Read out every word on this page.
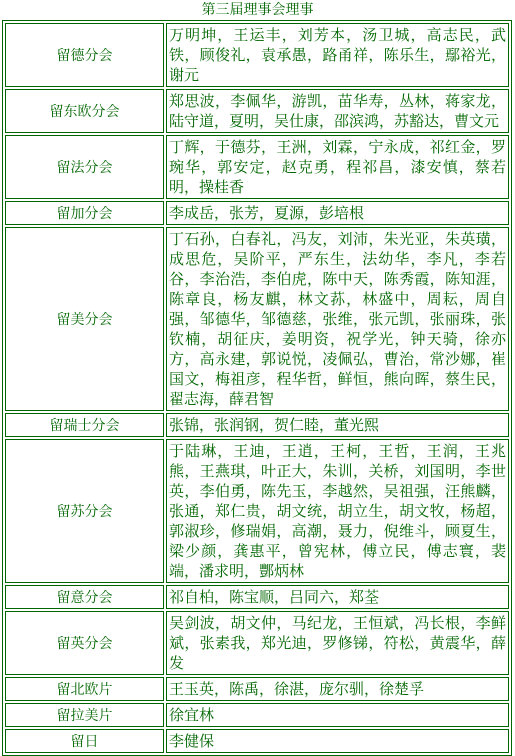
第三届理事会理事
留德分会	万明坤，王运丰，刘芳本，汤卫城，高志民，武铁，顾俊礼，袁承愚，路甬祥，陈乐生，鄢裕光，谢元
留东欧分会	郑思波，李佩华，游凯，苗华寿，丛林，蒋家龙，陆守道，夏明，吴仕康，邵滨鸿，苏豁达，曹文元
留法分会	丁辉，于德芬，王洲，刘霖，宁永成，祁红金，罗琬华，郭安定，赵克勇，程祁昌，漆安慎，蔡若明，操桂香
留加分会	李成岳，张芳，夏源，彭培根
留美分会	丁石孙，白春礼，冯友，刘沛，朱光亚，朱英璜，成思危，吴阶平，严东生，法幼华，李凡，李若谷，李治浩，李伯虎，陈中天，陈秀霞，陈知涯，陈章良，杨友麒，林文荪，林盛中，周耘，周自强，邹德华，邹德慈，张维，张元凯，张丽珠，张钦楠，胡征庆，姜明资，祝学光，钟天骑，徐亦方，高永建，郭说悦，凌佩弘，曹治，常沙娜，崔国文，梅祖彦，程华哲，鲜恒，熊向晖，蔡生民，翟志海，薛君智
留瑞士分会	张锦，张润钢，贺仁睦，董光熙
留苏分会	于陆琳，王迪，王逍，王柯，王哲，王润，王兆熊，王燕琪，叶正大，朱训，关桥，刘国明，李世英，李伯勇，陈先玉，李越然，吴祖强，汪熊麟，张通，郑仁贵，胡文统，胡立生，胡文牧，杨超，郭淑珍，修瑞娟，高潮，聂力，倪维斗，顾夏生，梁少颜，龚惠平，曾宪林，傅立民，傅志寰，裴端，潘求明，酆炳林
留意分会	祁自柏，陈宝顺，吕同六，郑荃
留英分会	吴剑波，胡文仲，马纪龙，王恒斌，冯长根，李鲜斌，张素我，郑光迪，罗修锑，符松，黄震华，薛发
留北欧片	王玉英，陈禹，徐湛，庞尔驯，徐楚孚
留拉美片	徐宜林
留日	李健保
